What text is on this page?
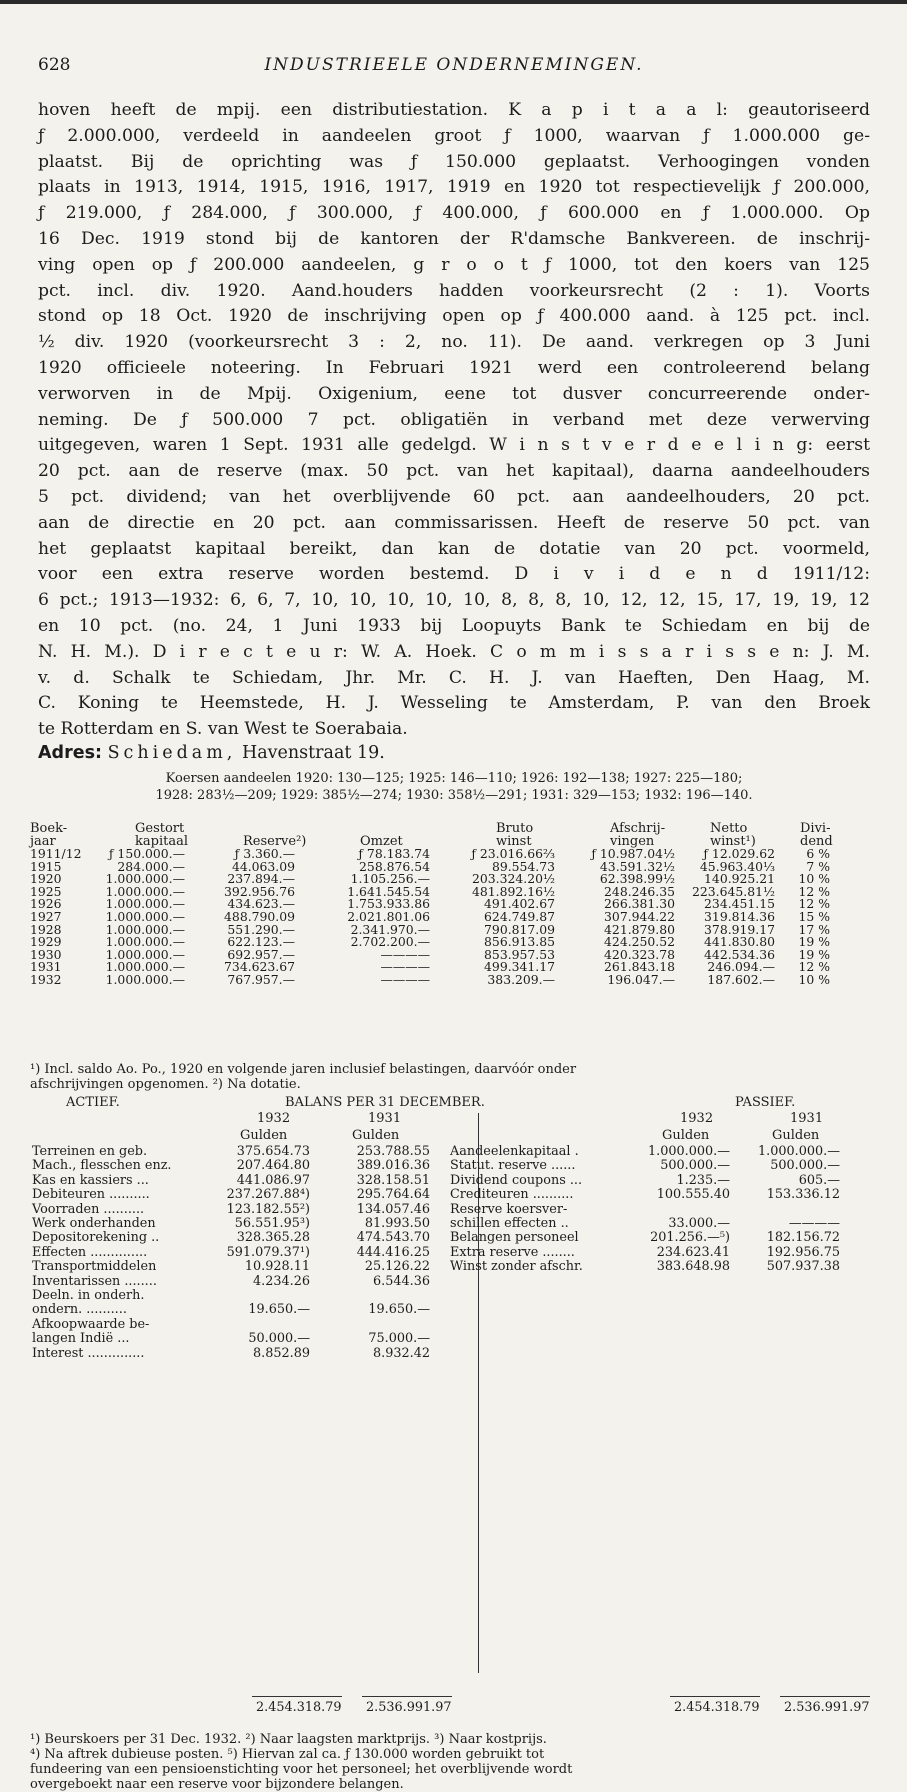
628	INDUSTRIEELE ONDERNEMINGEN.
hoven heeft de mpij. een distributiestation. K a p i t a a l: geautoriseerd
ƒ 2.000.000, verdeeld in aandeelen groot ƒ 1000, waarvan ƒ 1.000.000 ge-
plaatst. Bij de oprichting was ƒ 150.000 geplaatst. Verhoogingen vonden
plaats in 1913, 1914, 1915, 1916, 1917, 1919 en 1920 tot respectievelijk ƒ 200.000,
ƒ 219.000, ƒ 284.000, ƒ 300.000, ƒ 400.000, ƒ 600.000 en ƒ 1.000.000. Op
16 Dec. 1919 stond bij de kantoren der R'damsche Bankvereen. de inschrij-
ving open op ƒ 200.000 aandeelen, g r o o t ƒ 1000, tot den koers van 125
pct. incl. div. 1920. Aand.houders hadden voorkeursrecht (2 : 1). Voorts
stond op 18 Oct. 1920 de inschrijving open op ƒ 400.000 aand. à 125 pct. incl.
½ div. 1920 (voorkeursrecht 3 : 2, no. 11). De aand. verkregen op 3 Juni
1920 officieele noteering. In Februari 1921 werd een controleerend belang
verworven in de Mpij. Oxigenium, eene tot dusver concurreerende onder-
neming. De ƒ 500.000 7 pct. obligatiën in verband met deze verwerving
uitgegeven, waren 1 Sept. 1931 alle gedelgd. W i n s t v e r d e e l i n g: eerst
20 pct. aan de reserve (max. 50 pct. van het kapitaal), daarna aandeelhouders
5 pct. dividend; van het overblijvende 60 pct. aan aandeelhouders, 20 pct.
aan de directie en 20 pct. aan commissarissen. Heeft de reserve 50 pct. van
het geplaatst kapitaal bereikt, dan kan de dotatie van 20 pct. voormeld,
voor een extra reserve worden bestemd. D i v i d e n d 1911/12:
6 pct.; 1913—1932: 6, 6, 7, 10, 10, 10, 10, 10, 8, 8, 8, 10, 12, 12, 15, 17, 19, 19, 12
en 10 pct. (no. 24, 1 Juni 1933 bij Loopuyts Bank te Schiedam en bij de
N. H. M.). D i r e c t e u r: W. A. Hoek. C o m m i s s a r i s s e n: J. M.
v. d. Schalk te Schiedam, Jhr. Mr. C. H. J. van Haeften, Den Haag, M.
C. Koning te Heemstede, H. J. Wesseling te Amsterdam, P. van den Broek
te Rotterdam en S. van West te Soerabaia.
Adres: Schiedam, Havenstraat 19.
Koersen aandeelen 1920: 130—125; 1925: 146—110; 1926: 192—138; 1927: 225—180;
1928: 283½—209; 1929: 385½—274; 1930: 358½—291; 1931: 329—153; 1932: 196—140.
Boek-	Gestort	Bruto	Afschrij-	Netto	Divi-
jaar	kapitaal	Reserve²)	Omzet	winst	vingen	winst¹)	dend
1911/12 ƒ 150.000.—	ƒ 3.360.—	ƒ 78.183.74	ƒ 23.016.66⅔	ƒ 10.987.04½ ƒ 12.029.62	6 %
1915	284.000.—	44.063.09	258.876.54	89.554.73	43.591.32½ 45.963.40⅓	7 %
1920	1.000.000.—	237.894.—	1.105.256.—	203.324.20½	62.398.99½ 140.925.21 10 %
1925	1.000.000.—	392.956.76	1.641.545.54	481.892.16½	248.246.35 223.645.81½ 12 %
1926	1.000.000.—	434.623.—	1.753.933.86	491.402.67	266.381.30 234.451.15 12 %
1927	1.000.000.—	488.790.09	2.021.801.06	624.749.87	307.944.22 319.814.36 15 %
1928	1.000.000.—	551.290.—	2.341.970.—	790.817.09	421.879.80 378.919.17 17 %
1929	1.000.000.—	622.123.—	2.702.200.—	856.913.85	424.250.52 441.830.80 19 %
1930	1.000.000.—	692.957.—	————	853.957.53	420.323.78 442.534.36 19 %
1931	1.000.000.—	734.623.67	————	499.341.17	261.843.18	246.094.— 12 %
1932	1.000.000.—	767.957.—	————	383.209.—	196.047.—	187.602.— 10 %
¹) Incl. saldo Ao. Po., 1920 en volgende jaren inclusief belastingen, daarvóór onder
afschrijvingen opgenomen. ²) Na dotatie.
ACTIEF.	BALANS PER 31 DECEMBER.	PASSIEF.
1932	1931	1932	1931
Gulden	Gulden	Gulden	Gulden
Terreinen en geb.	375.654.73	253.788.55
Mach., flesschen enz.	207.464.80	389.016.36
Kas en kassiers ...	441.086.97	328.158.51
Debiteuren ..........	237.267.88⁴)	295.764.64
Voorraden ..........	123.182.55²)	134.057.46
Werk onderhanden	56.551.95³)	81.993.50
Depositorekening ..	328.365.28	474.543.70
Effecten ..............	591.079.37¹)	444.416.25
Transportmiddelen	10.928.11	25.126.22
Inventarissen ........	4.234.26	6.544.36
Deeln. in onderh.
ondern. ..........	19.650.—	19.650.—
Afkoopwaarde be-
langen Indië ...	50.000.—	75.000.—
Interest ..............	8.852.89	8.932.42
Aandeelenkapitaal .	1.000.000.— 1.000.000.—
Statut. reserve ......	500.000.—	500.000.—
Dividend coupons ...	1.235.—	605.—
Crediteuren ..........	100.555.40	153.336.12
Reserve koersver-
schillen effecten ..	33.000.—	————
Belangen personeel	201.256.—⁵)	182.156.72
Extra reserve ........	234.623.41	192.956.75
Winst zonder afschr.	383.648.98	507.937.38
¹) Beurskoers per 31 Dec. 1932. ²) Naar laagsten marktprijs. ³) Naar kostprijs.
⁴) Na aftrek dubieuse posten. ⁵) Hiervan zal ca. ƒ 130.000 worden gebruikt tot
fundeering van een pensioenstichting voor het personeel; het overblijvende wordt
overgeboekt naar een reserve voor bijzondere belangen.
2.454.318.79 2.536.991.97	2.454.318.79 2.536.991.97
